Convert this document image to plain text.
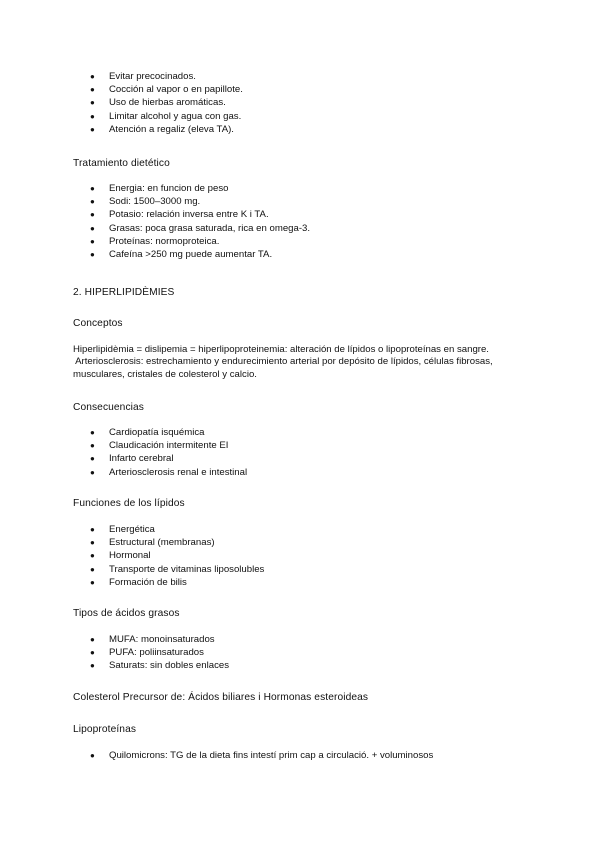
● Evitar precocinados.
● Cocción al vapor o en papillote.
● Uso de hierbas aromáticas.
● Limitar alcohol y agua con gas.
● Atención a regaliz (eleva TA).
Tratamiento dietético
● Energia: en funcion de peso
● Sodi: 1500–3000 mg.
● Potasio: relación inversa entre K i TA.
● Grasas: poca grasa saturada, rica en omega-3.
● Proteínas: normoproteica.
● Cafeína >250 mg puede aumentar TA.
2. HIPERLIPIDÈMIES
Conceptos
Hiperlipidèmia = dislipemia = hiperlipoproteinemia: alteración de lípidos o lipoproteínas en sangre.
Arteriosclerosis: estrechamiento y endurecimiento arterial por depósito de lípidos, células fibrosas,
musculares, cristales de colesterol y calcio.
Consecuencias
● Cardiopatía isquémica
● Claudicación intermitente EI
● Infarto cerebral
● Arteriosclerosis renal e intestinal
Funciones de los lípidos
● Energética
● Estructural (membranas)
● Hormonal
● Transporte de vitaminas liposolubles
● Formación de bilis
Tipos de ácidos grasos
● MUFA: monoinsaturados
● PUFA: poliinsaturados
● Saturats: sin dobles enlaces
Colesterol Precursor de: Ácidos biliares i Hormonas esteroideas
Lipoproteínas
● Quilomicrons: TG de la dieta fins intestí prim cap a circulació. + voluminosos
